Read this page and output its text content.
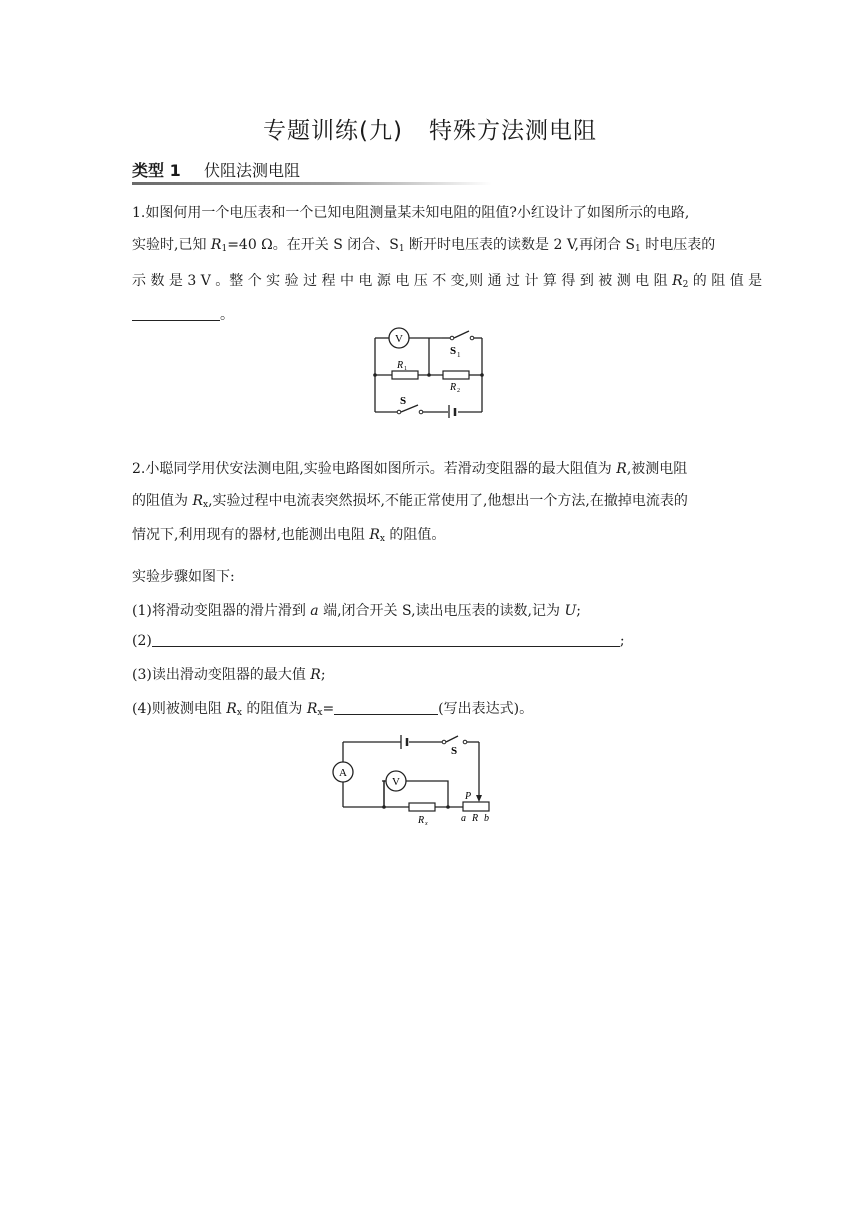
专题训练(九) 特殊方法测电阻
类型 1 伏阻法测电阻
1.如图何用一个电压表和一个已知电阻测量某未知电阻的阻值?小红设计了如图所示的电路,
实验时,已知 $R_1=40$ Ω。在开关 S 闭合、$S_1$ 断开时电压表的读数是 2 V,再闭合 $S_1$ 时电压表的
示 数 是 3 V 。整 个 实 验 过 程 中 电 源 电 压 不 变,则 通 过 计 算 得 到 被 测 电 阻 $R_2$ 的 阻 值 是
。
V
S 1
R 1
R 2
S
2.小聪同学用伏安法测电阻,实验电路图如图所示。若滑动变阻器的最大阻值为 R,被测电阻
的阻值为 $R_x$,实验过程中电流表突然损坏,不能正常使用了,他想出一个方法,在撤掉电流表的
情况下,利用现有的器材,也能测出电阻 $R_x$ 的阻值。
实验步骤如图下:
(1)将滑动变阻器的滑片滑到 a 端,闭合开关 S,读出电压表的读数,记为 U;
(2)	;
(3)读出滑动变阻器的最大值 R;
(4)则被测电阻 $R_x$ 的阻值为 $R_x=$	(写出表达式)。
S
A
V
R x
P
a R b
